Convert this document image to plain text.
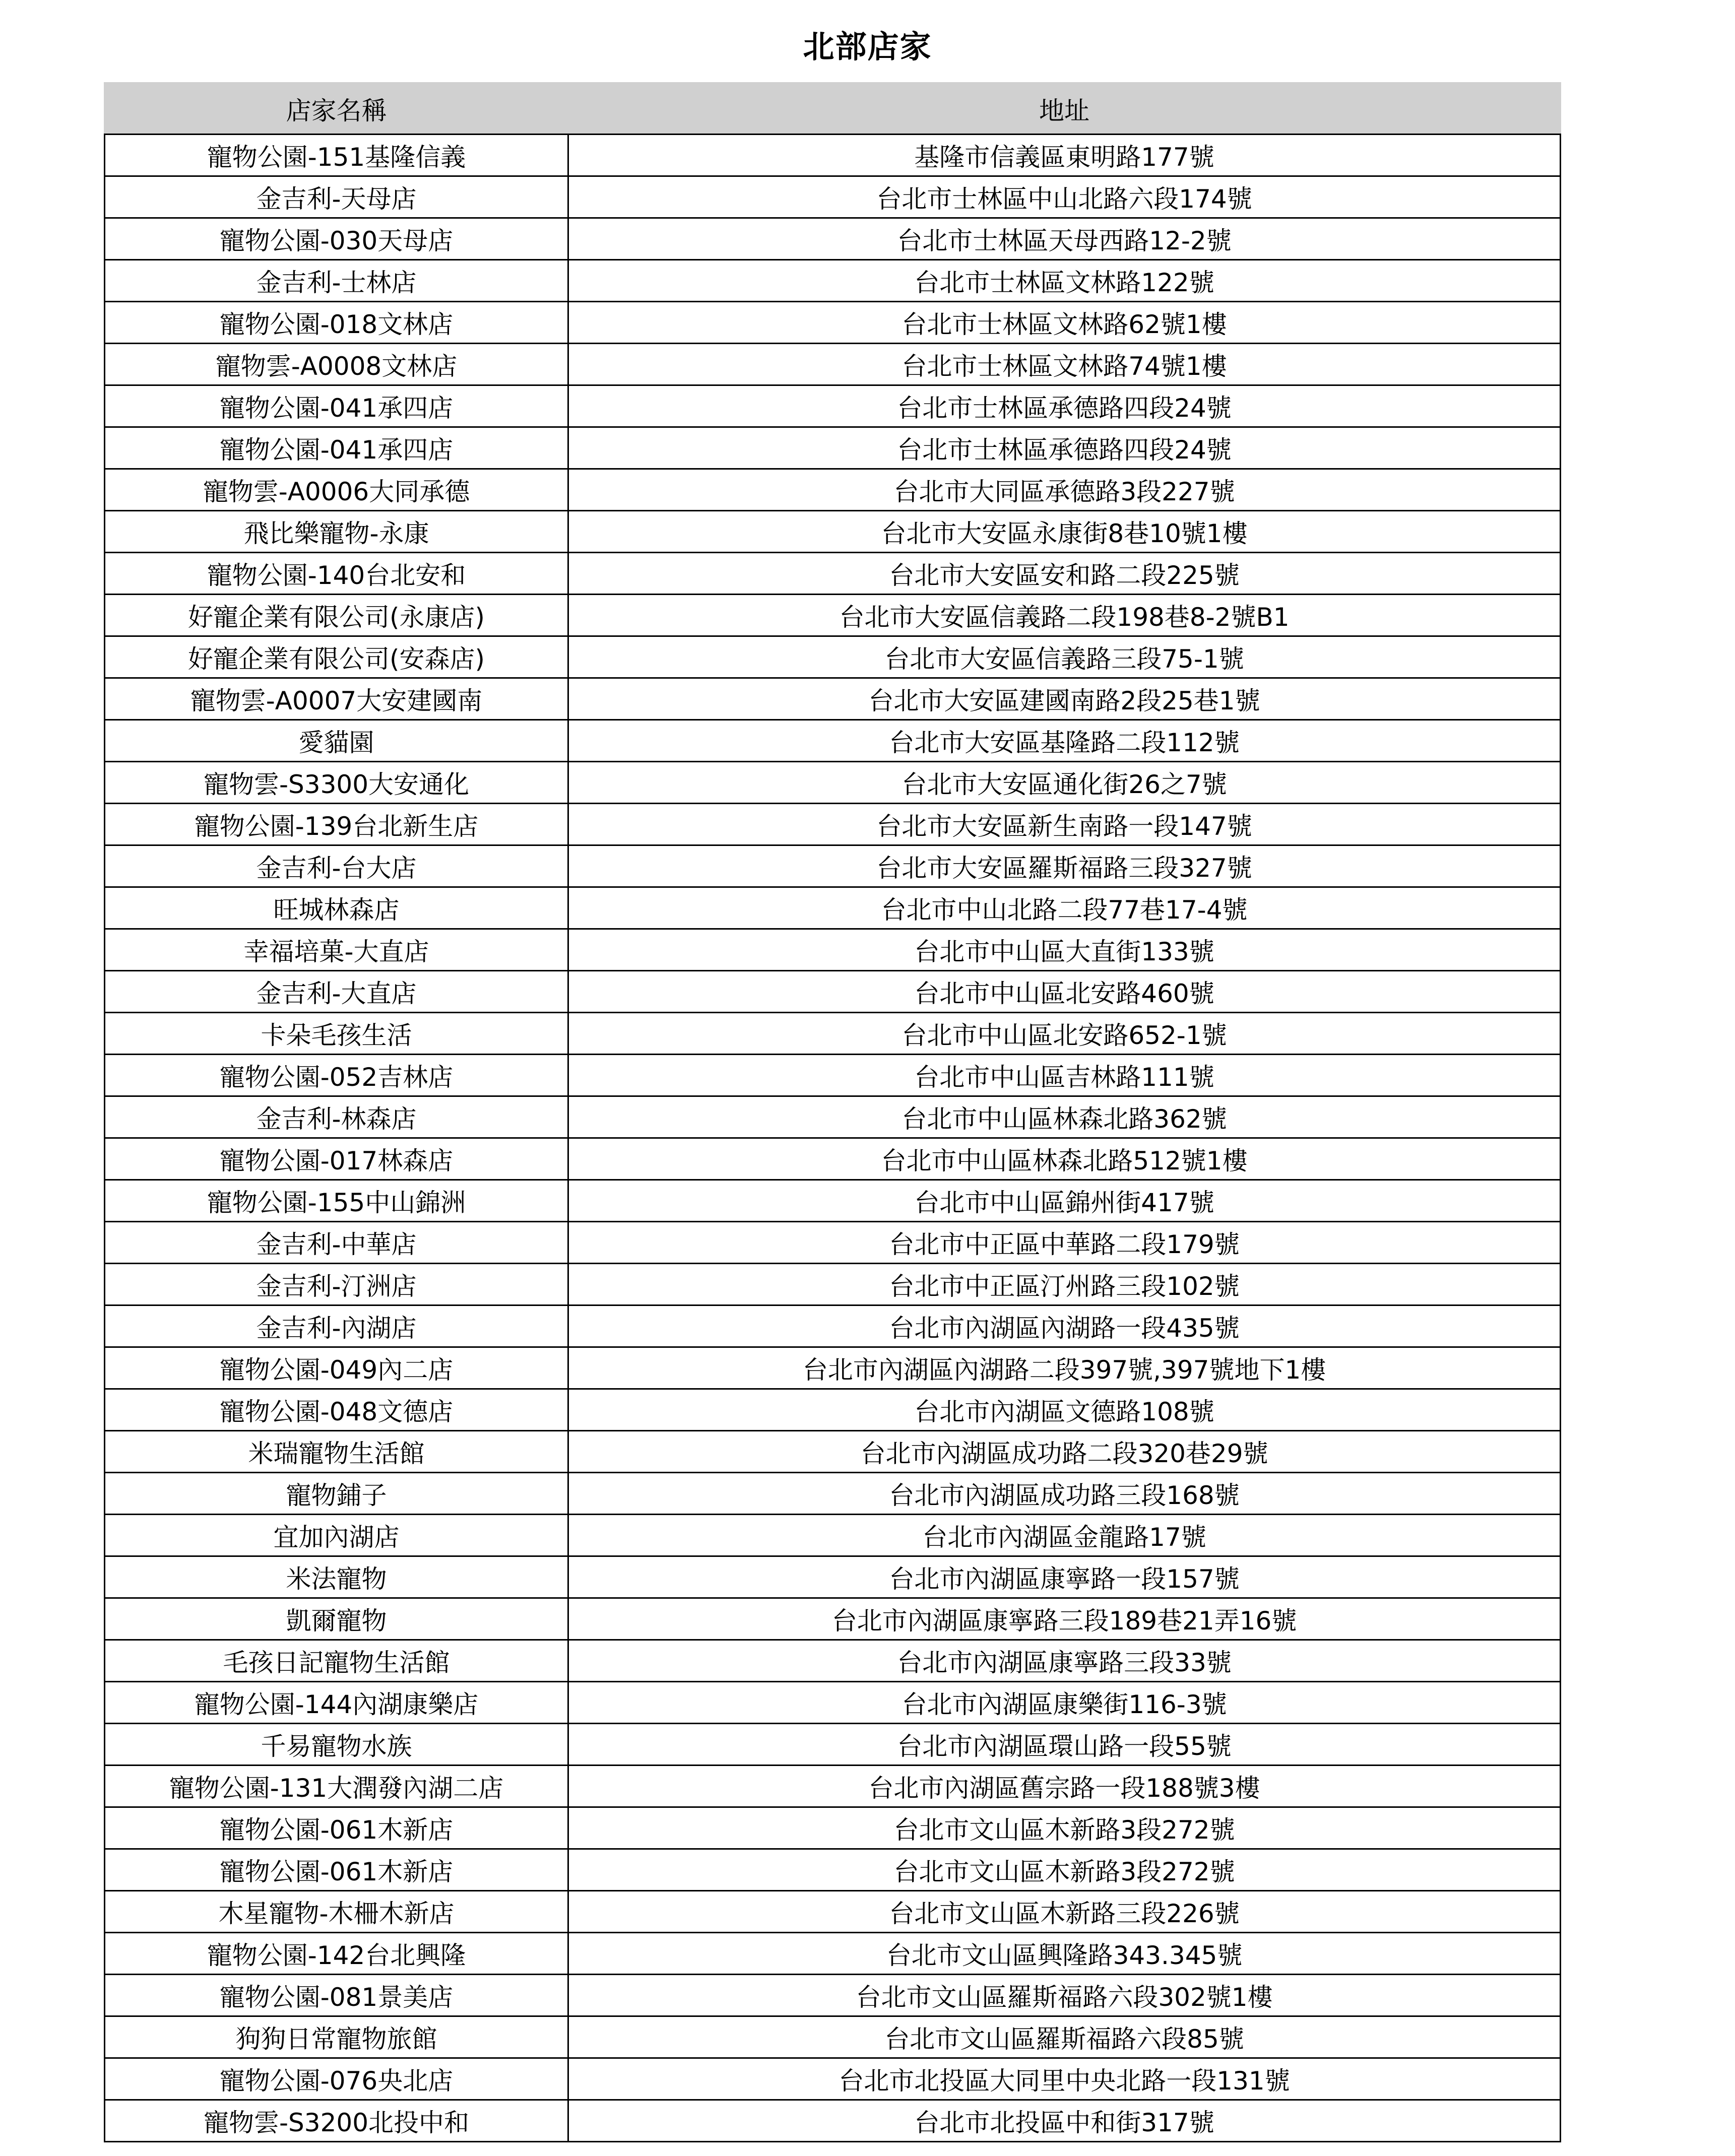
北部店家
店家名稱	地址
寵物公園-151基隆信義	基隆市信義區東明路177號
金吉利-天母店	台北市士林區中山北路六段174號
寵物公園-030天母店	台北市士林區天母西路12-2號
金吉利-士林店	台北市士林區文林路122號
寵物公園-018文林店	台北市士林區文林路62號1樓
寵物雲-A0008文林店	台北市士林區文林路74號1樓
寵物公園-041承四店	台北市士林區承德路四段24號
寵物公園-041承四店	台北市士林區承德路四段24號
寵物雲-A0006大同承德	台北市大同區承德路3段227號
飛比樂寵物-永康	台北市大安區永康街8巷10號1樓
寵物公園-140台北安和	台北市大安區安和路二段225號
好寵企業有限公司(永康店)	台北市大安區信義路二段198巷8-2號B1
好寵企業有限公司(安森店)	台北市大安區信義路三段75-1號
寵物雲-A0007大安建國南	台北市大安區建國南路2段25巷1號
愛貓園	台北市大安區基隆路二段112號
寵物雲-S3300大安通化	台北市大安區通化街26之7號
寵物公園-139台北新生店	台北市大安區新生南路一段147號
金吉利-台大店	台北市大安區羅斯福路三段327號
旺城林森店	台北市中山北路二段77巷17-4號
幸福培菓-大直店	台北市中山區大直街133號
金吉利-大直店	台北市中山區北安路460號
卡朵毛孩生活	台北市中山區北安路652-1號
寵物公園-052吉林店	台北市中山區吉林路111號
金吉利-林森店	台北市中山區林森北路362號
寵物公園-017林森店	台北市中山區林森北路512號1樓
寵物公園-155中山錦洲	台北市中山區錦州街417號
金吉利-中華店	台北市中正區中華路二段179號
金吉利-汀洲店	台北市中正區汀州路三段102號
金吉利-內湖店	台北市內湖區內湖路一段435號
寵物公園-049內二店	台北市內湖區內湖路二段397號,397號地下1樓
寵物公園-048文德店	台北市內湖區文德路108號
米瑞寵物生活館	台北市內湖區成功路二段320巷29號
寵物鋪子	台北市內湖區成功路三段168號
宜加內湖店	台北市內湖區金龍路17號
米法寵物	台北市內湖區康寧路一段157號
凱爾寵物	台北市內湖區康寧路三段189巷21弄16號
毛孩日記寵物生活館	台北市內湖區康寧路三段33號
寵物公園-144內湖康樂店	台北市內湖區康樂街116-3號
千易寵物水族	台北市內湖區環山路一段55號
寵物公園-131大潤發內湖二店	台北市內湖區舊宗路一段188號3樓
寵物公園-061木新店	台北市文山區木新路3段272號
寵物公園-061木新店	台北市文山區木新路3段272號
木星寵物-木柵木新店	台北市文山區木新路三段226號
寵物公園-142台北興隆	台北市文山區興隆路343.345號
寵物公園-081景美店	台北市文山區羅斯福路六段302號1樓
狗狗日常寵物旅館	台北市文山區羅斯福路六段85號
寵物公園-076央北店	台北市北投區大同里中央北路一段131號
寵物雲-S3200北投中和	台北市北投區中和街317號
